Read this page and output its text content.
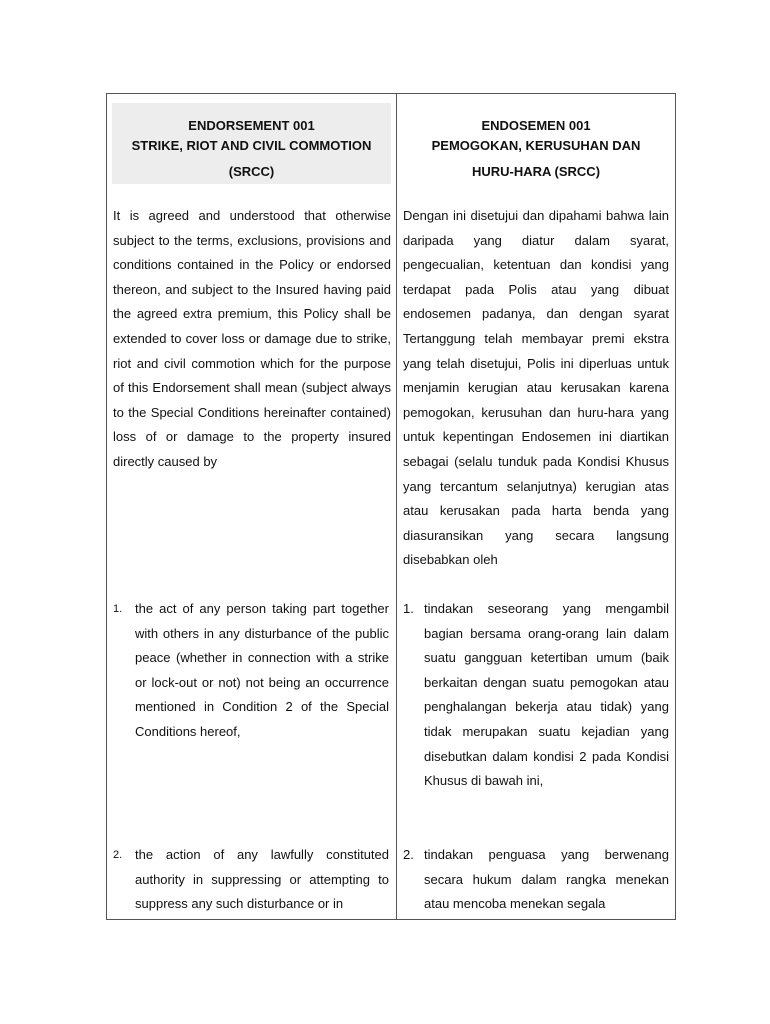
ENDORSEMENT 001
STRIKE, RIOT AND CIVIL COMMOTION
(SRCC)
ENDOSEMEN 001
PEMOGOKAN, KERUSUHAN DAN
HURU-HARA (SRCC)

It is agreed and understood that otherwise subject to the terms, exclusions, provisions and conditions contained in the Policy or endorsed thereon, and subject to the Insured having paid the agreed extra premium, this Policy shall be extended to cover loss or damage due to strike, riot and civil commotion which for the purpose of this Endorsement shall mean (subject always to the Special Conditions hereinafter contained) loss of or damage to the property insured directly caused by

Dengan ini disetujui dan dipahami bahwa lain daripada yang diatur dalam syarat, pengecualian, ketentuan dan kondisi yang terdapat pada Polis atau yang dibuat endosemen padanya, dan dengan syarat Tertanggung telah membayar premi ekstra yang telah disetujui, Polis ini diperluas untuk menjamin kerugian atau kerusakan karena pemogokan, kerusuhan dan huru-hara yang untuk kepentingan Endosemen ini diartikan sebagai (selalu tunduk pada Kondisi Khusus yang tercantum selanjutnya) kerugian atas atau kerusakan pada harta benda yang diasuransikan yang secara langsung disebabkan oleh

1. the act of any person taking part together with others in any disturbance of the public peace (whether in connection with a strike or lock-out or not) not being an occurrence mentioned in Condition 2 of the Special Conditions hereof,
1. tindakan seseorang yang mengambil bagian bersama orang-orang lain dalam suatu gangguan ketertiban umum (baik berkaitan dengan suatu pemogokan atau penghalangan bekerja atau tidak) yang tidak merupakan suatu kejadian yang disebutkan dalam kondisi 2 pada Kondisi Khusus di bawah ini,
2. the action of any lawfully constituted authority in suppressing or attempting to suppress any such disturbance or in
2. tindakan penguasa yang berwenang secara hukum dalam rangka menekan atau mencoba menekan segala
